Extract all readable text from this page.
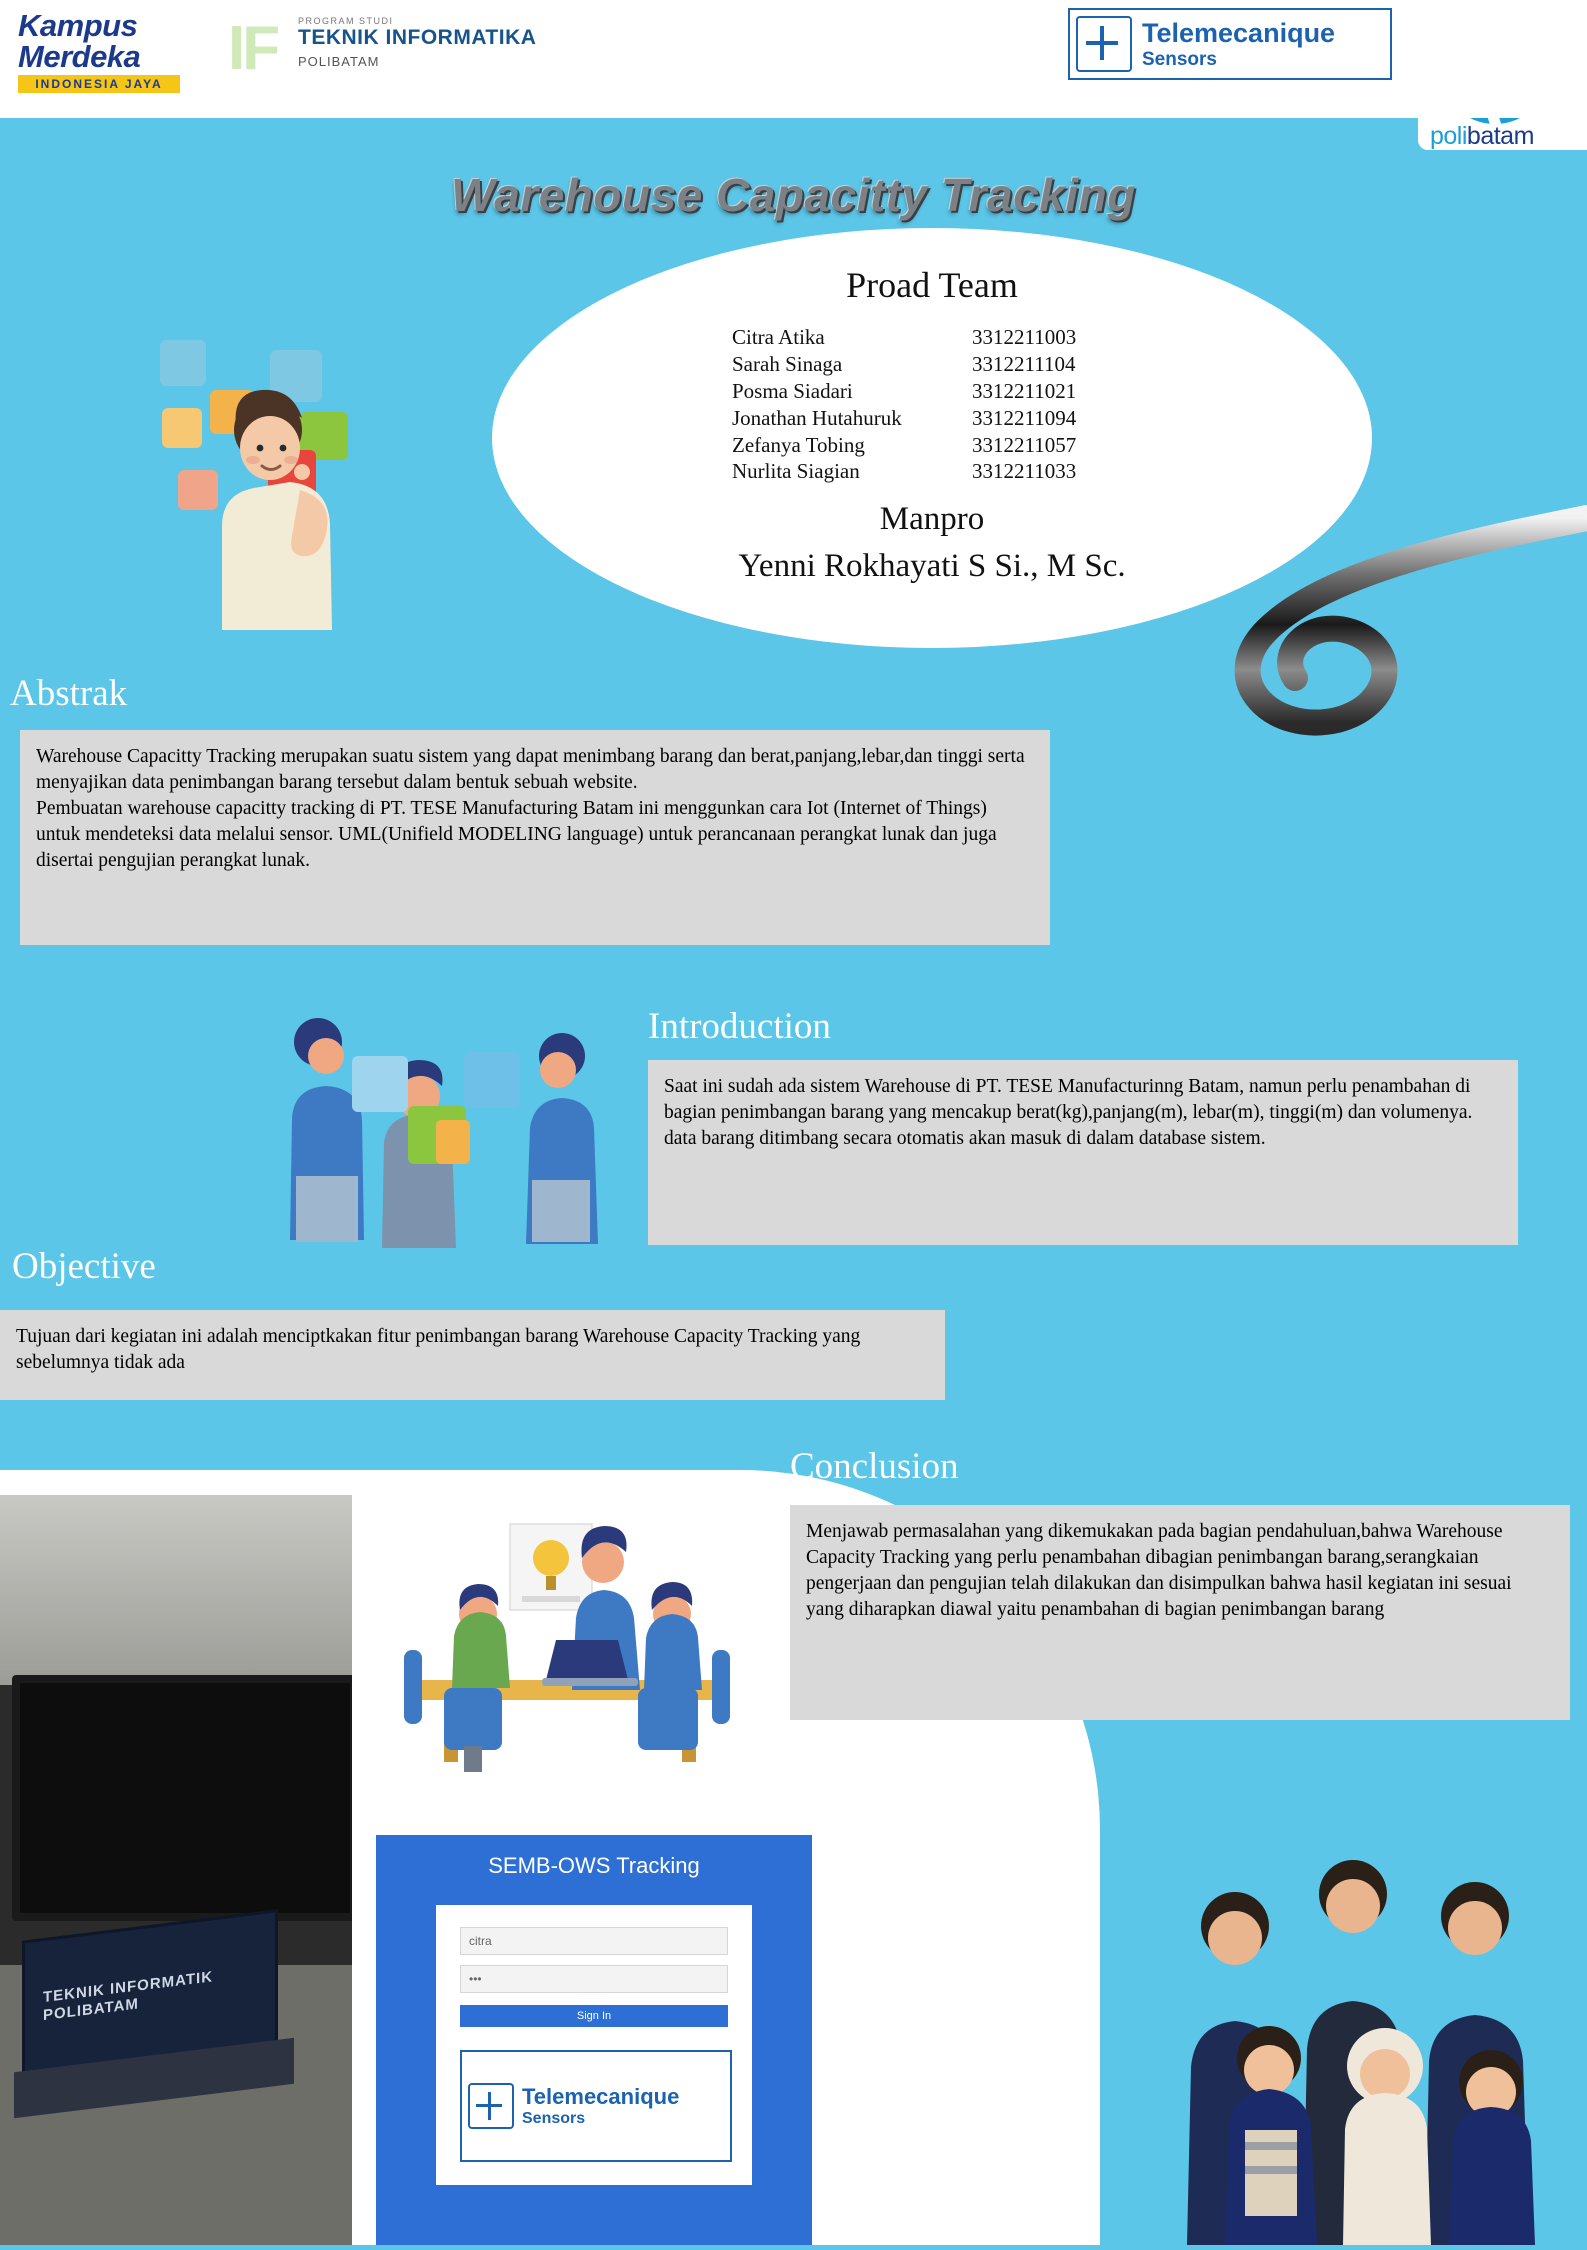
Kampus
Merdeka
INDONESIA JAYA
IF	PROGRAM STUDI
TEKNIK INFORMATIKA
POLIBATAM
Telemecanique
Sensors
polibatam
Warehouse Capacitty Tracking
Proad Team
Citra Atika	3312211003
Sarah Sinaga	3312211104
Posma Siadari	3312211021
Jonathan Hutahuruk	3312211094
Zefanya Tobing	3312211057
Nurlita Siagian	3312211033
Manpro
Yenni Rokhayati S Si., M Sc.
Abstrak

Warehouse Capacitty Tracking merupakan suatu sistem yang dapat menimbang barang dan berat,panjang,lebar,dan tinggi serta menyajikan data penimbangan barang tersebut dalam bentuk sebuah website.

Pembuatan warehouse capacitty tracking di PT. TESE Manufacturing Batam ini menggunkan cara Iot (Internet of Things) untuk mendeteksi data melalui sensor. UML(Unifield MODELING language) untuk perancanaan perangkat lunak dan juga disertai pengujian perangkat lunak.

Introduction

Saat ini sudah ada sistem Warehouse di PT. TESE Manufacturinng Batam, namun perlu penambahan di bagian penimbangan barang yang mencakup berat(kg),panjang(m), lebar(m), tinggi(m) dan volumenya. data barang ditimbang secara otomatis akan masuk di dalam database sistem.

Objective

Tujuan dari kegiatan ini adalah menciptkakan fitur penimbangan barang Warehouse Capacity Tracking yang sebelumnya tidak ada

Conclusion

Menjawab permasalahan yang dikemukakan pada bagian pendahuluan,bahwa Warehouse Capacity Tracking yang perlu penambahan dibagian penimbangan barang,serangkaian pengerjaan dan pengujian telah dilakukan dan disimpulkan bahwa hasil kegiatan ini sesuai yang diharapkan diawal yaitu penambahan di bagian penimbangan barang

TEKNIK INFORMATIK POLIBATAM
SEMB-OWS Tracking
citra
•••
Sign In
Telemecanique
Sensors
